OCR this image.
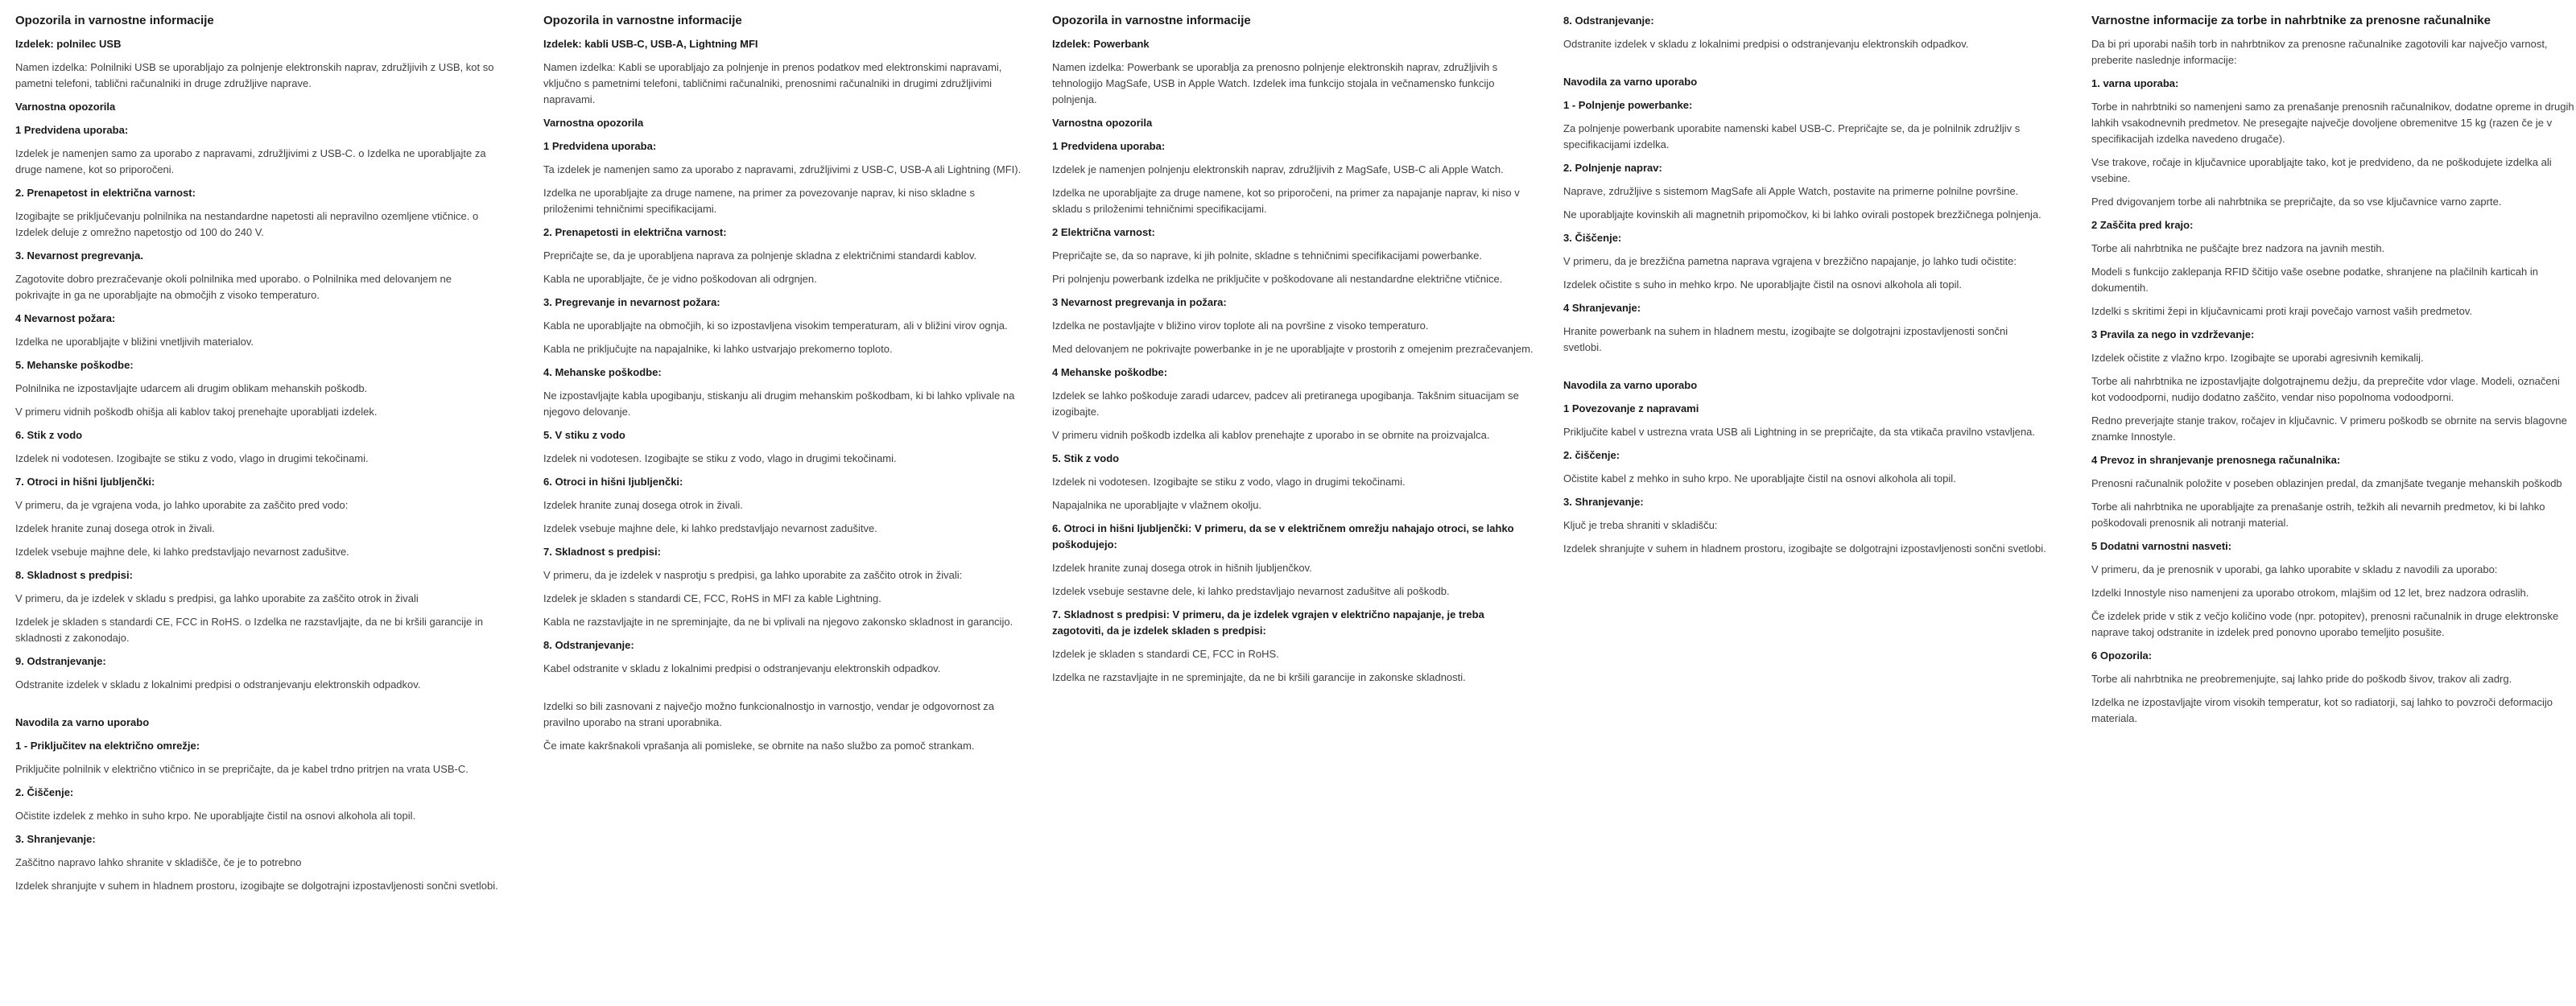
Opozorila in varnostne informacije
Izdelek: polnilec USB
Namen izdelka: Polnilniki USB se uporabljajo za polnjenje elektronskih naprav, združljivih z USB, kot so pametni telefoni, tablični računalniki in druge združljive naprave.
Varnostna opozorila
1 Predvidena uporaba:
Izdelek je namenjen samo za uporabo z napravami, združljivimi z USB-C. o Izdelka ne uporabljajte za druge namene, kot so priporočeni.
2. Prenapetost in električna varnost:
Izogibajte se priključevanju polnilnika na nestandardne napetosti ali nepravilno ozemljene vtičnice. o Izdelek deluje z omrežno napetostjo od 100 do 240 V.
3. Nevarnost pregrevanja.
Zagotovite dobro prezračevanje okoli polnilnika med uporabo. o Polnilnika med delovanjem ne pokrivajte in ga ne uporabljajte na območjih z visoko temperaturo.
4 Nevarnost požara:
Izdelka ne uporabljajte v bližini vnetljivih materialov.
5. Mehanske poškodbe:
Polnilnika ne izpostavljajte udarcem ali drugim oblikam mehanskih poškodb.
V primeru vidnih poškodb ohišja ali kablov takoj prenehajte uporabljati izdelek.
6. Stik z vodo
Izdelek ni vodotesen. Izogibajte se stiku z vodo, vlago in drugimi tekočinami.
7. Otroci in hišni ljubljenčki:
V primeru, da je vgrajena voda, jo lahko uporabite za zaščito pred vodo:
Izdelek hranite zunaj dosega otrok in živali.
Izdelek vsebuje majhne dele, ki lahko predstavljajo nevarnost zadušitve.
8. Skladnost s predpisi:
V primeru, da je izdelek v skladu s predpisi, ga lahko uporabite za zaščito otrok in živali
Izdelek je skladen s standardi CE, FCC in RoHS. o Izdelka ne razstavljajte, da ne bi kršili garancije in skladnosti z zakonodajo.
9. Odstranjevanje:
Odstranite izdelek v skladu z lokalnimi predpisi o odstranjevanju elektronskih odpadkov.
Navodila za varno uporabo
1 - Priključitev na električno omrežje:
Priključite polnilnik v električno vtičnico in se prepričajte, da je kabel trdno pritrjen na vrata USB-C.
2. Čiščenje:
Očistite izdelek z mehko in suho krpo. Ne uporabljajte čistil na osnovi alkohola ali topil.
3. Shranjevanje:
Zaščitno napravo lahko shranite v skladišče, če je to potrebno
Izdelek shranjujte v suhem in hladnem prostoru, izogibajte se dolgotrajni izpostavljenosti sončni svetlobi.
Opozorila in varnostne informacije
Izdelek: kabli USB-C, USB-A, Lightning MFI
Namen izdelka: Kabli se uporabljajo za polnjenje in prenos podatkov med elektronskimi napravami, vključno s pametnimi telefoni, tabličnimi računalniki, prenosnimi računalniki in drugimi združljivimi napravami.
Varnostna opozorila
1 Predvidena uporaba:
Ta izdelek je namenjen samo za uporabo z napravami, združljivimi z USB-C, USB-A ali Lightning (MFI).
Izdelka ne uporabljajte za druge namene, na primer za povezovanje naprav, ki niso skladne s priloženimi tehničnimi specifikacijami.
2. Prenapetosti in električna varnost:
Prepričajte se, da je uporabljena naprava za polnjenje skladna z električnimi standardi kablov.
Kabla ne uporabljajte, če je vidno poškodovan ali odrgnjen.
3. Pregrevanje in nevarnost požara:
Kabla ne uporabljajte na območjih, ki so izpostavljena visokim temperaturam, ali v bližini virov ognja.
Kabla ne priključujte na napajalnike, ki lahko ustvarjajo prekomerno toploto.
4. Mehanske poškodbe:
Ne izpostavljajte kabla upogibanju, stiskanju ali drugim mehanskim poškodbam, ki bi lahko vplivale na njegovo delovanje.
5. V stiku z vodo
Izdelek ni vodotesen. Izogibajte se stiku z vodo, vlago in drugimi tekočinami.
6. Otroci in hišni ljubljenčki:
Izdelek hranite zunaj dosega otrok in živali.
Izdelek vsebuje majhne dele, ki lahko predstavljajo nevarnost zadušitve.
7. Skladnost s predpisi:
V primeru, da je izdelek v nasprotju s predpisi, ga lahko uporabite za zaščito otrok in živali:
Izdelek je skladen s standardi CE, FCC, RoHS in MFI za kable Lightning.
Kabla ne razstavljajte in ne spreminjajte, da ne bi vplivali na njegovo zakonsko skladnost in garancijo.
8. Odstranjevanje:
Kabel odstranite v skladu z lokalnimi predpisi o odstranjevanju elektronskih odpadkov.
Izdelki so bili zasnovani z največjo možno funkcionalnostjo in varnostjo, vendar je odgovornost za pravilno uporabo na strani uporabnika.
Če imate kakršnakoli vprašanja ali pomisleke, se obrnite na našo službo za pomoč strankam.
Opozorila in varnostne informacije
Izdelek: Powerbank
Namen izdelka: Powerbank se uporablja za prenosno polnjenje elektronskih naprav, združljivih s tehnologijo MagSafe, USB in Apple Watch. Izdelek ima funkcijo stojala in večnamensko funkcijo polnjenja.
Varnostna opozorila
1 Predvidena uporaba:
Izdelek je namenjen polnjenju elektronskih naprav, združljivih z MagSafe, USB-C ali Apple Watch.
Izdelka ne uporabljajte za druge namene, kot so priporočeni, na primer za napajanje naprav, ki niso v skladu s priloženimi tehničnimi specifikacijami.
2 Električna varnost:
Prepričajte se, da so naprave, ki jih polnite, skladne s tehničnimi specifikacijami powerbanke.
Pri polnjenju powerbank izdelka ne priključite v poškodovane ali nestandardne električne vtičnice.
3 Nevarnost pregrevanja in požara:
Izdelka ne postavljajte v bližino virov toplote ali na površine z visoko temperaturo.
Med delovanjem ne pokrivajte powerbanke in je ne uporabljajte v prostorih z omejenim prezračevanjem.
4 Mehanske poškodbe:
Izdelek se lahko poškoduje zaradi udarcev, padcev ali pretiranega upogibanja. Takšnim situacijam se izogibajte.
V primeru vidnih poškodb izdelka ali kablov prenehajte z uporabo in se obrnite na proizvajalca.
5. Stik z vodo
Izdelek ni vodotesen. Izogibajte se stiku z vodo, vlago in drugimi tekočinami.
Napajalnika ne uporabljajte v vlažnem okolju.
6. Otroci in hišni ljubljenčki: V primeru, da se v električnem omrežju nahajajo otroci, se lahko poškodujejo:
Izdelek hranite zunaj dosega otrok in hišnih ljubljenčkov.
Izdelek vsebuje sestavne dele, ki lahko predstavljajo nevarnost zadušitve ali poškodb.
7. Skladnost s predpisi: V primeru, da je izdelek vgrajen v električno napajanje, je treba zagotoviti, da je izdelek skladen s predpisi:
Izdelek je skladen s standardi CE, FCC in RoHS.
Izdelka ne razstavljajte in ne spreminjajte, da ne bi kršili garancije in zakonske skladnosti.
8. Odstranjevanje:
Odstranite izdelek v skladu z lokalnimi predpisi o odstranjevanju elektronskih odpadkov.
Navodila za varno uporabo
1 - Polnjenje powerbanke:
Za polnjenje powerbank uporabite namenski kabel USB-C. Prepričajte se, da je polnilnik združljiv s specifikacijami izdelka.
2. Polnjenje naprav:
Naprave, združljive s sistemom MagSafe ali Apple Watch, postavite na primerne polnilne površine.
Ne uporabljajte kovinskih ali magnetnih pripomočkov, ki bi lahko ovirali postopek brezžičnega polnjenja.
3. Čiščenje:
V primeru, da je brezžična pametna naprava vgrajena v brezžično napajanje, jo lahko tudi očistite:
Izdelek očistite s suho in mehko krpo. Ne uporabljajte čistil na osnovi alkohola ali topil.
4 Shranjevanje:
Hranite powerbank na suhem in hladnem mestu, izogibajte se dolgotrajni izpostavljenosti sončni svetlobi.
Navodila za varno uporabo
1 Povezovanje z napravami
Priključite kabel v ustrezna vrata USB ali Lightning in se prepričajte, da sta vtikača pravilno vstavljena.
2. čiščenje:
Očistite kabel z mehko in suho krpo. Ne uporabljajte čistil na osnovi alkohola ali topil.
3. Shranjevanje:
Ključ je treba shraniti v skladišču:
Izdelek shranjujte v suhem in hladnem prostoru, izogibajte se dolgotrajni izpostavljenosti sončni svetlobi.
Varnostne informacije za torbe in nahrbtnike za prenosne računalnike
Da bi pri uporabi naših torb in nahrbtnikov za prenosne računalnike zagotovili kar največjo varnost, preberite naslednje informacije:
1. varna uporaba:
Torbe in nahrbtniki so namenjeni samo za prenašanje prenosnih računalnikov, dodatne opreme in drugih lahkih vsakodnevnih predmetov. Ne presegajte največje dovoljene obremenitve 15 kg (razen če je v specifikacijah izdelka navedeno drugače).
Vse trakove, ročaje in ključavnice uporabljajte tako, kot je predvideno, da ne poškodujete izdelka ali vsebine.
Pred dvigovanjem torbe ali nahrbtnika se prepričajte, da so vse ključavnice varno zaprte.
2 Zaščita pred krajo:
Torbe ali nahrbtnika ne puščajte brez nadzora na javnih mestih.
Modeli s funkcijo zaklepanja RFID ščitijo vaše osebne podatke, shranjene na plačilnih karticah in dokumentih.
Izdelki s skritimi žepi in ključavnicami proti kraji povečajo varnost vaših predmetov.
3 Pravila za nego in vzdrževanje:
Izdelek očistite z vlažno krpo. Izogibajte se uporabi agresivnih kemikalij.
Torbe ali nahrbtnika ne izpostavljajte dolgotrajnemu dežju, da preprečite vdor vlage. Modeli, označeni kot vodoodporni, nudijo dodatno zaščito, vendar niso popolnoma vodoodporni.
Redno preverjajte stanje trakov, ročajev in ključavnic. V primeru poškodb se obrnite na servis blagovne znamke Innostyle.
4 Prevoz in shranjevanje prenosnega računalnika:
Prenosni računalnik položite v poseben oblazinjen predal, da zmanjšate tveganje mehanskih poškodb
Torbe ali nahrbtnika ne uporabljajte za prenašanje ostrih, težkih ali nevarnih predmetov, ki bi lahko poškodovali prenosnik ali notranji material.
5 Dodatni varnostni nasveti:
V primeru, da je prenosnik v uporabi, ga lahko uporabite v skladu z navodili za uporabo:
Izdelki Innostyle niso namenjeni za uporabo otrokom, mlajšim od 12 let, brez nadzora odraslih.
Če izdelek pride v stik z večjo količino vode (npr. potopitev), prenosni računalnik in druge elektronske naprave takoj odstranite in izdelek pred ponovno uporabo temeljito posušite.
6 Opozorila:
Torbe ali nahrbtnika ne preobremenjujte, saj lahko pride do poškodb šivov, trakov ali zadrg.
Izdelka ne izpostavljajte virom visokih temperatur, kot so radiatorji, saj lahko to povzroči deformacijo materiala.
